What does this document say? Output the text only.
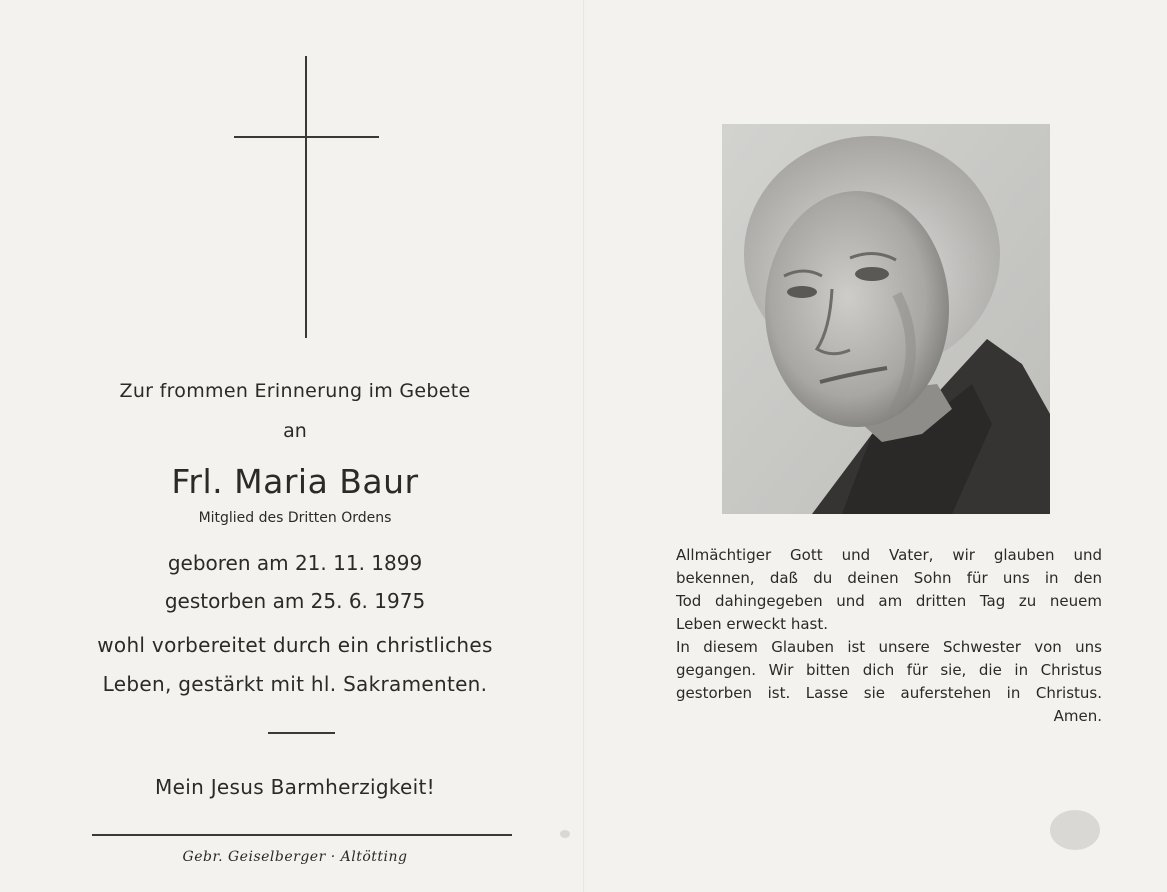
Zur frommen Erinnerung im Gebete
an
Frl. Maria Baur
Mitglied des Dritten Ordens
geboren am 21. 11. 1899
gestorben am 25. 6. 1975
wohl vorbereitet durch ein christliches
Leben, gestärkt mit hl. Sakramenten.
Mein Jesus Barmherzigkeit!
Gebr. Geiselberger · Altötting
Allmächtiger Gott und Vater, wir glauben und
bekennen, daß du deinen Sohn für uns in den
Tod dahingegeben und am dritten Tag zu neuem
Leben erweckt hast.
In diesem Glauben ist unsere Schwester von uns
gegangen. Wir bitten dich für sie, die in Christus
gestorben ist. Lasse sie auferstehen in Christus.
Amen.
